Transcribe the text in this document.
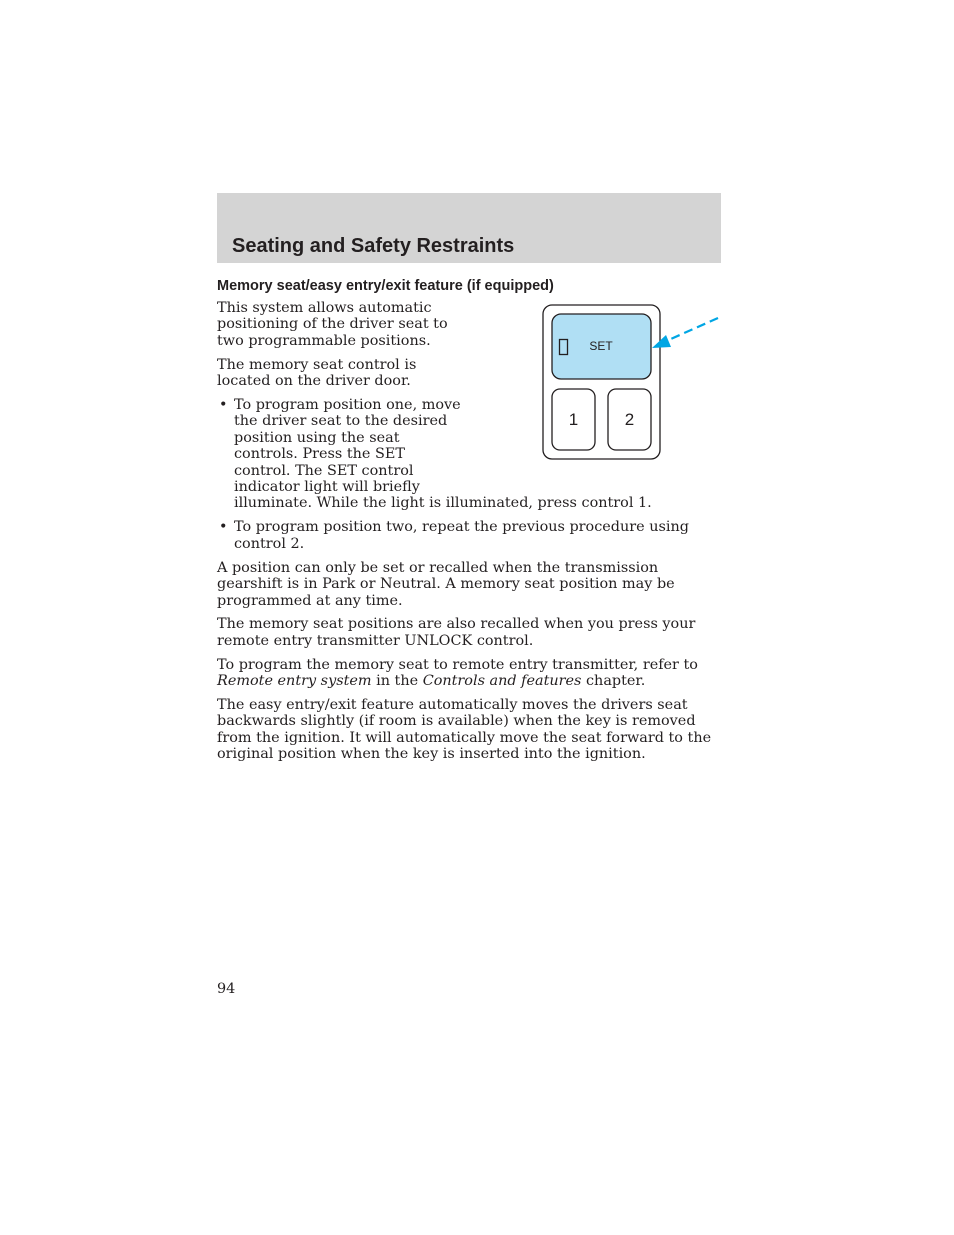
Seating and Safety Restraints
Memory seat/easy entry/exit feature (if equipped)

This system allows automatic positioning of the driver seat to two programmable positions.

The memory seat control is located on the driver door.

• To program position one, move the driver seat to the desired position using the seat controls. Press the SET control. The SET control indicator light will briefly
illuminate. While the light is illuminated, press control 1.
• To program position two, repeat the previous procedure using control 2.

A position can only be set or recalled when the transmission gearshift is in Park or Neutral. A memory seat position may be programmed at any time.

The memory seat positions are also recalled when you press your remote entry transmitter UNLOCK control.

To program the memory seat to remote entry transmitter, refer to Remote entry system in the Controls and features chapter.

The easy entry/exit feature automatically moves the drivers seat backwards slightly (if room is available) when the key is removed from the ignition. It will automatically move the seat forward to the original position when the key is inserted into the ignition.

SET
1	2
94
